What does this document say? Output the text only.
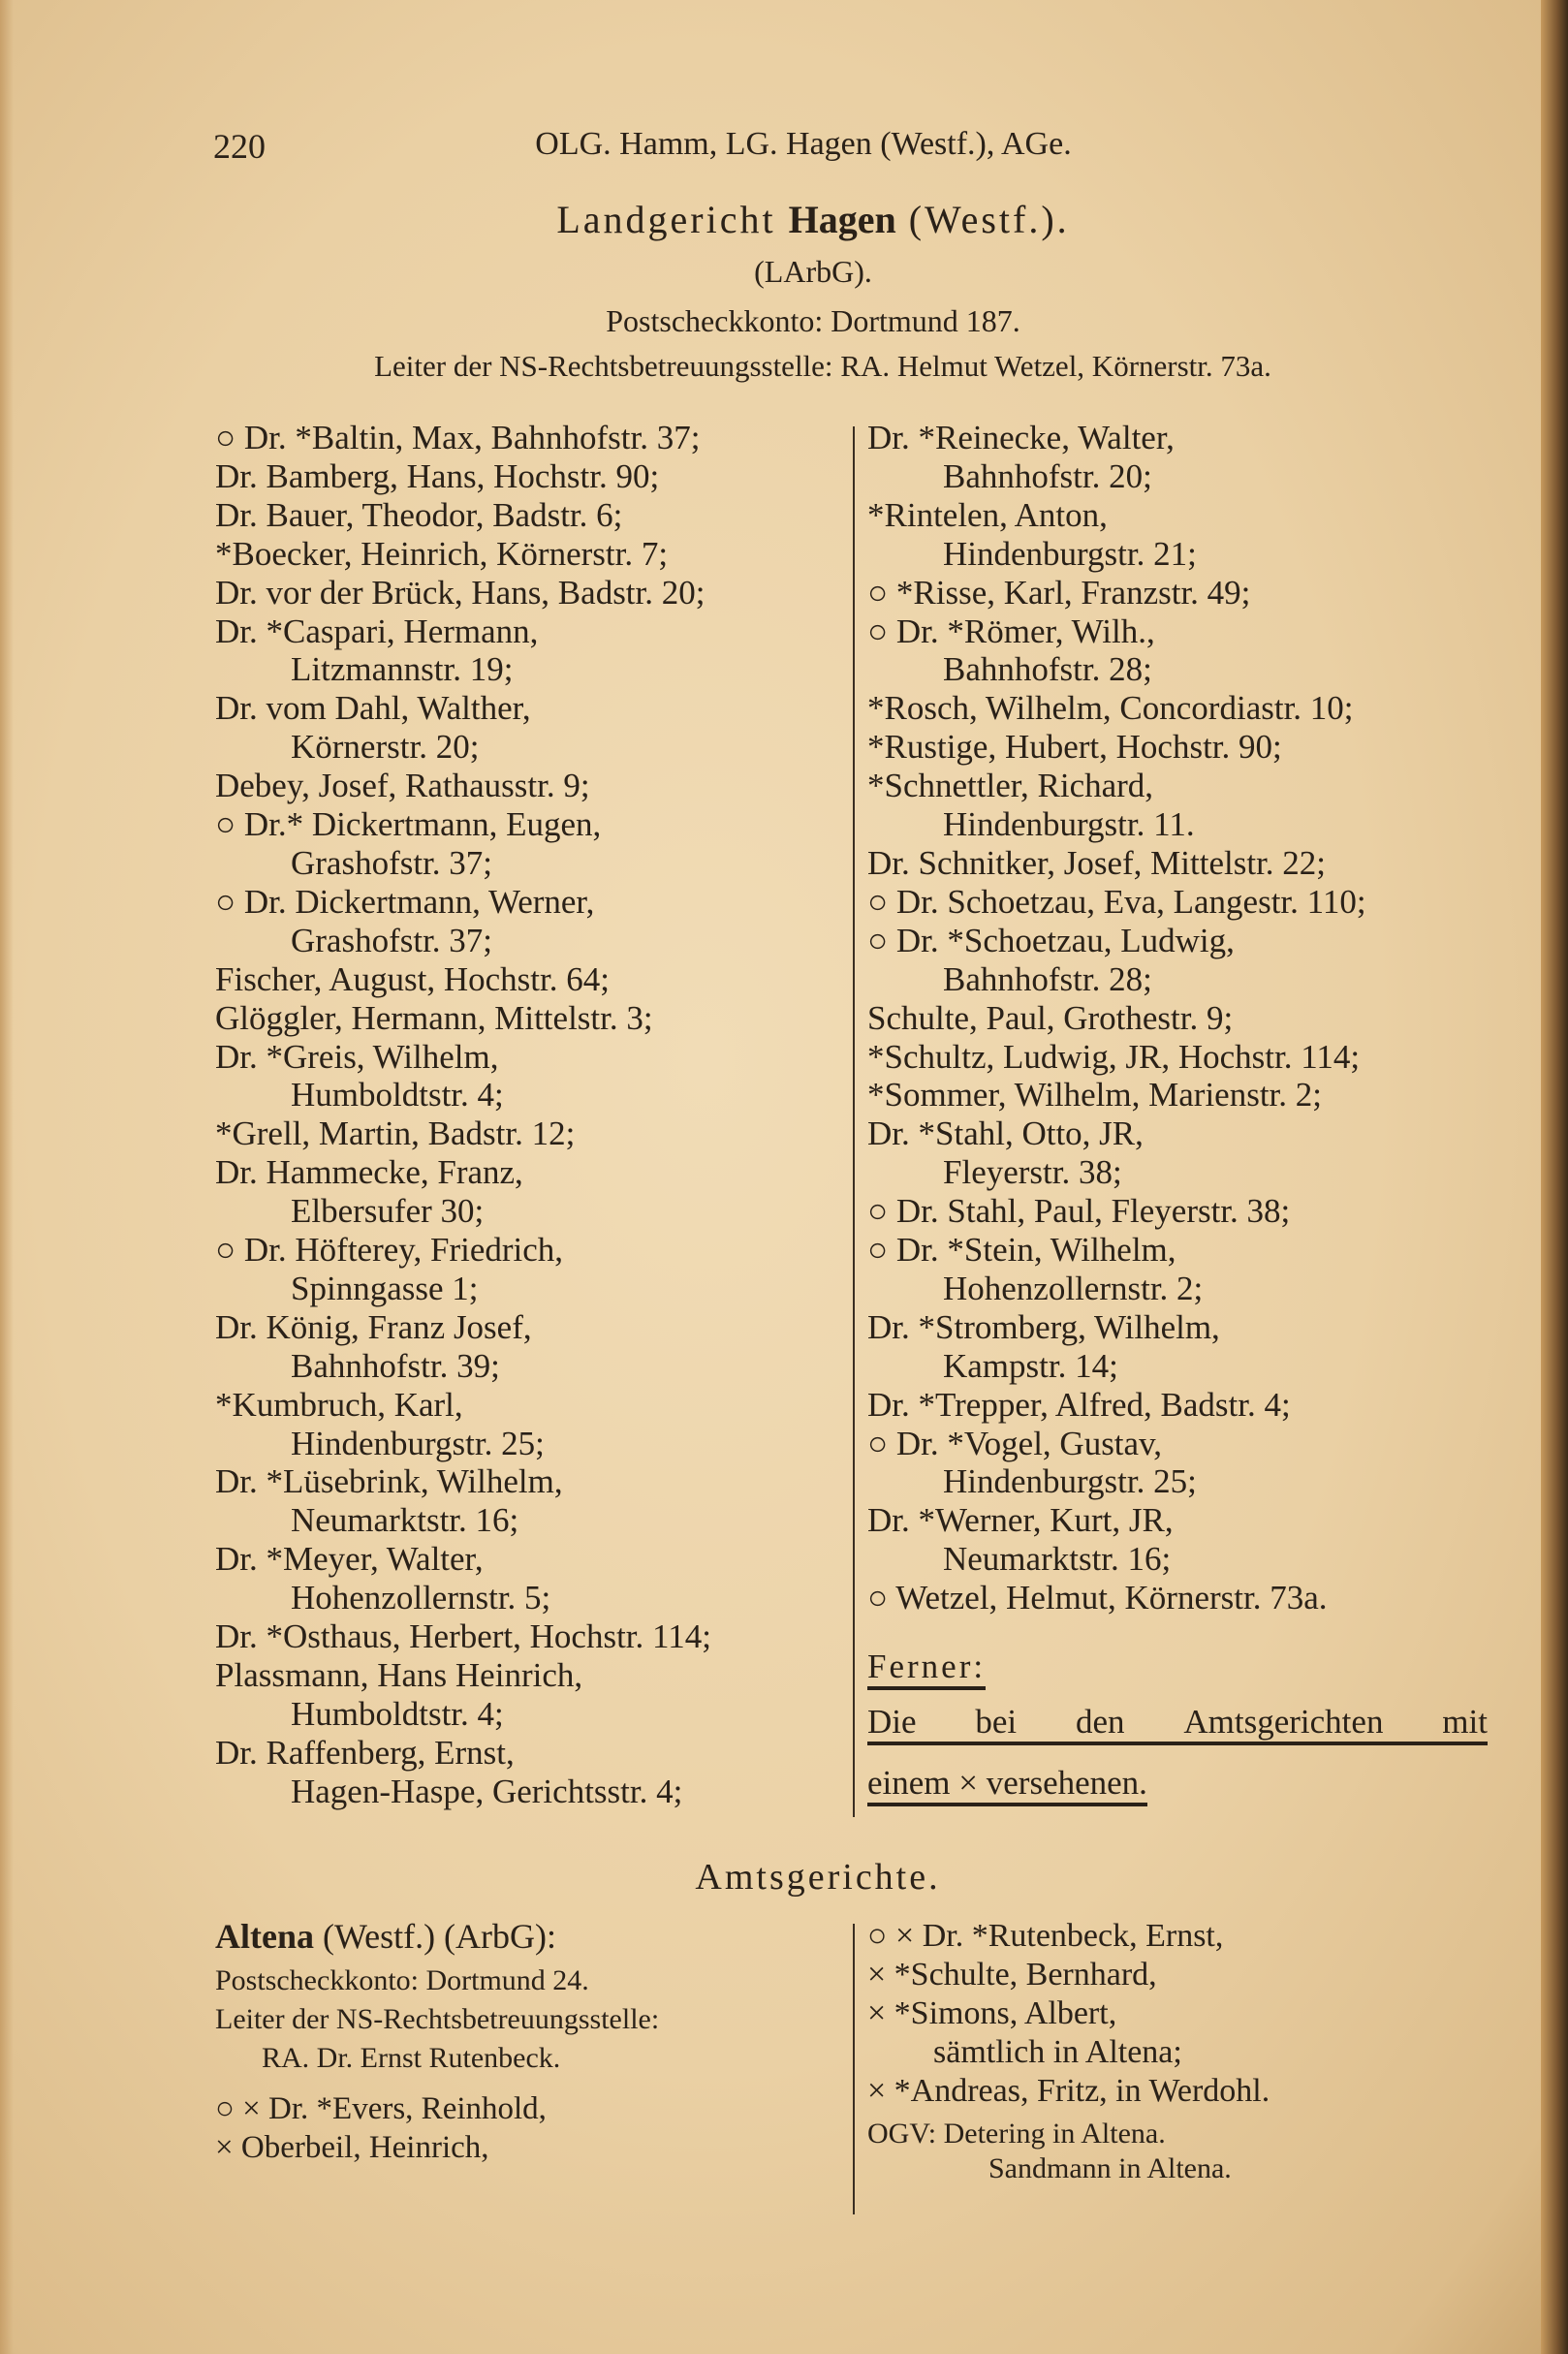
220	OLG. Hamm, LG. Hagen (Westf.), AGe.
Landgericht Hagen (Westf.).
(LArbG).
Postscheckkonto: Dortmund 187.
Leiter der NS-Rechtsbetreuungsstelle: RA. Helmut Wetzel, Körnerstr. 73a.
○ Dr. *Baltin, Max, Bahnhofstr. 37;
Dr. Bamberg, Hans, Hochstr. 90;
Dr. Bauer, Theodor, Badstr. 6;
*Boecker, Heinrich, Körnerstr. 7;
Dr. vor der Brück, Hans, Badstr. 20;
Dr. *Caspari, Hermann,
Litzmannstr. 19;
Dr. vom Dahl, Walther,
Körnerstr. 20;
Debey, Josef, Rathausstr. 9;
○ Dr.* Dickertmann, Eugen,
Grashofstr. 37;
○ Dr. Dickertmann, Werner,
Grashofstr. 37;
Fischer, August, Hochstr. 64;
Glöggler, Hermann, Mittelstr. 3;
Dr. *Greis, Wilhelm,
Humboldtstr. 4;
*Grell, Martin, Badstr. 12;
Dr. Hammecke, Franz,
Elbersufer 30;
○ Dr. Höfterey, Friedrich,
Spinngasse 1;
Dr. König, Franz Josef,
Bahnhofstr. 39;
*Kumbruch, Karl,
Hindenburgstr. 25;
Dr. *Lüsebrink, Wilhelm,
Neumarktstr. 16;
Dr. *Meyer, Walter,
Hohenzollernstr. 5;
Dr. *Osthaus, Herbert, Hochstr. 114;
Plassmann, Hans Heinrich,
Humboldtstr. 4;
Dr. Raffenberg, Ernst,
Hagen-Haspe, Gerichtsstr. 4;
Dr. *Reinecke, Walter,
Bahnhofstr. 20;
*Rintelen, Anton,
Hindenburgstr. 21;
○ *Risse, Karl, Franzstr. 49;
○ Dr. *Römer, Wilh.,
Bahnhofstr. 28;
*Rosch, Wilhelm, Concordiastr. 10;
*Rustige, Hubert, Hochstr. 90;
*Schnettler, Richard,
Hindenburgstr. 11.
Dr. Schnitker, Josef, Mittelstr. 22;
○ Dr. Schoetzau, Eva, Langestr. 110;
○ Dr. *Schoetzau, Ludwig,
Bahnhofstr. 28;
Schulte, Paul, Grothestr. 9;
*Schultz, Ludwig, JR, Hochstr. 114;
*Sommer, Wilhelm, Marienstr. 2;
Dr. *Stahl, Otto, JR,
Fleyerstr. 38;
○ Dr. Stahl, Paul, Fleyerstr. 38;
○ Dr. *Stein, Wilhelm,
Hohenzollernstr. 2;
Dr. *Stromberg, Wilhelm,
Kampstr. 14;
Dr. *Trepper, Alfred, Badstr. 4;
○ Dr. *Vogel, Gustav,
Hindenburgstr. 25;
Dr. *Werner, Kurt, JR,
Neumarktstr. 16;
○ Wetzel, Helmut, Körnerstr. 73a.
Ferner:
Die bei den Amtsgerichten mit
einem × versehenen.
Amtsgerichte.
Altena (Westf.) (ArbG):
Postscheckkonto: Dortmund 24.
Leiter der NS-Rechtsbetreuungsstelle:
RA. Dr. Ernst Rutenbeck.
○ × Dr. *Evers, Reinhold,
× Oberbeil, Heinrich,
○ × Dr. *Rutenbeck, Ernst,
× *Schulte, Bernhard,
× *Simons, Albert,
sämtlich in Altena;
× *Andreas, Fritz, in Werdohl.
OGV: Detering in Altena.
Sandmann in Altena.
